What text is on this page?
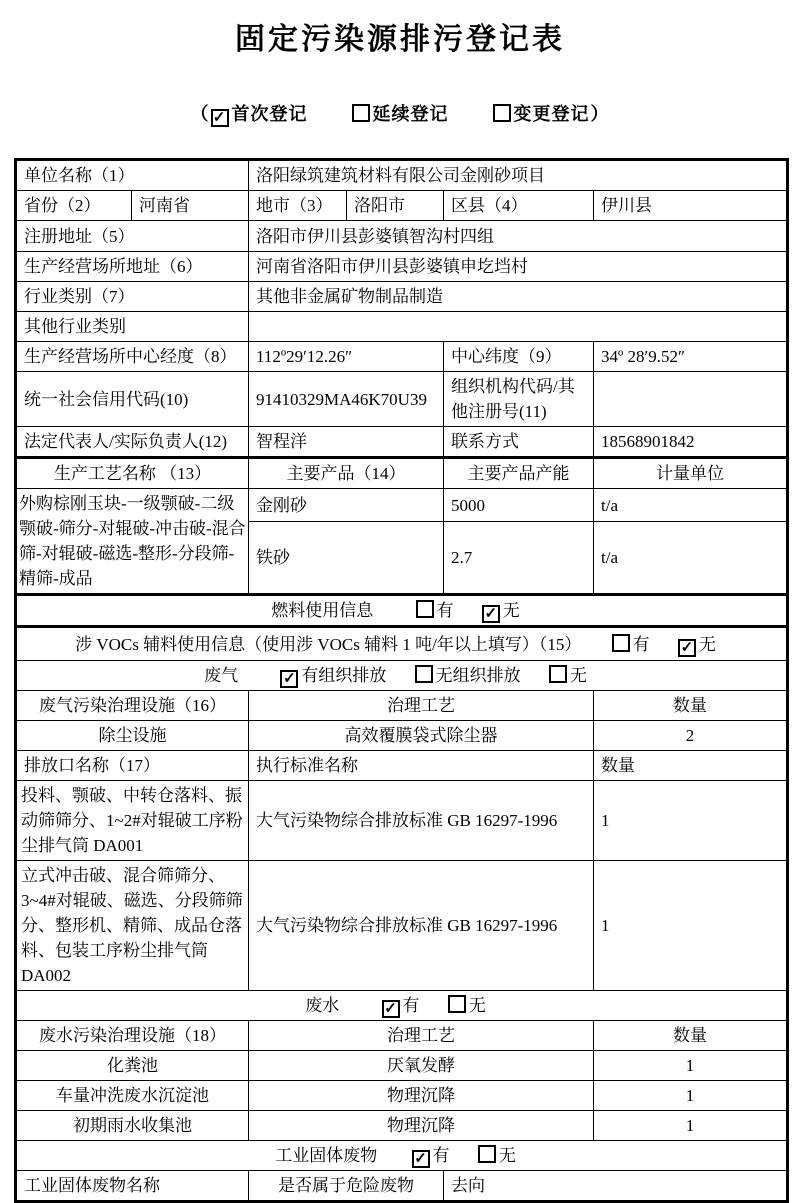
固定污染源排污登记表
（ ✓ 首次登记	延续登记	变更登记）
单位名称（1）		洛阳绿筑建筑材料有限公司金刚砂项目			
省份（2）	河南省	地市（3）	洛阳市	区县（4）	伊川县
注册地址（5）		洛阳市伊川县彭婆镇智沟村四组			
生产经营场所地址（6）		河南省洛阳市伊川县彭婆镇申圪垱村			
行业类别（7）		其他非金属矿物制品制造			
其他行业类别					
生产经营场所中心经度（8）		112º29′12.26″		中心纬度（9）	34º 28′9.52″
统一社会信用代码(10)		91410329MA46K70U39		组织机构代码/其他注册号(11)	
法定代表人/实际负责人(12)		智程洋		联系方式	18568901842
生产工艺名称 （13）		主要产品（14）		主要产品产能	计量单位
外购棕刚玉块-一级颚破-二级颚破-筛分-对辊破-冲击破-混合筛-对辊破-磁选-整形-分段筛-精筛-成品		金刚砂		5000	t/a
		铁砂		2.7	t/a
燃料使用信息 有 ✓ 无					
涉 VOCs 辅料使用信息（使用涉 VOCs 辅料 1 吨/年以上填写）（15） 有 ✓ 无					
废气 ✓ 有组织排放 无组织排放 无					
废气污染治理设施（16）		治理工艺			数量
除尘设施		高效覆膜袋式除尘器			2
排放口名称（17）		执行标准名称			数量
投料、颚破、中转仓落料、振动筛筛分、1~2#对辊破工序粉尘排气筒 DA001		大气污染物综合排放标准 GB 16297-1996			1
立式冲击破、混合筛筛分、3~4#对辊破、磁选、分段筛筛分、整形机、精筛、成品仓落料、包装工序粉尘排气筒 DA002		大气污染物综合排放标准 GB 16297-1996			1
废水 ✓ 有 无					
废水污染治理设施（18）		治理工艺			数量
化粪池		厌氧发酵			1
车量冲洗废水沉淀池		物理沉降			1
初期雨水收集池		物理沉降			1
工业固体废物 ✓ 有 无					
工业固体废物名称		是否属于危险废物		去向	
